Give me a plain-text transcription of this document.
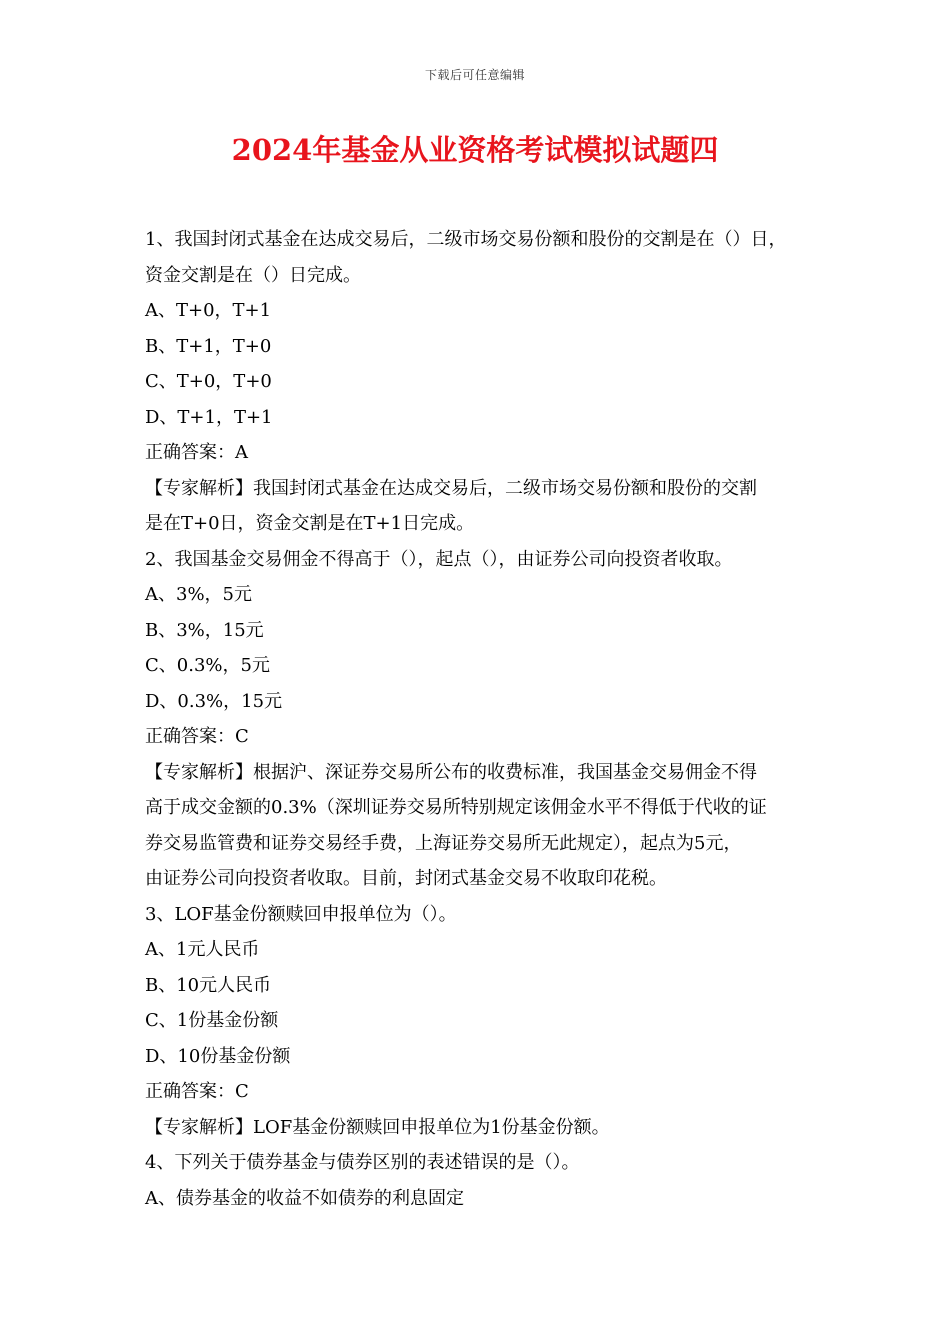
下载后可任意编辑
2024年基金从业资格考试模拟试题四

1、我国封闭式基金在达成交易后，二级市场交易份额和股份的交割是在（）日，

资金交割是在（）日完成。

A、T+0，T+1

B、T+1，T+0

C、T+0，T+0

D、T+1，T+1

正确答案：A

【专家解析】我国封闭式基金在达成交易后，二级市场交易份额和股份的交割

是在T+0日，资金交割是在T+1日完成。

2、我国基金交易佣金不得高于（），起点（），由证券公司向投资者收取。

A、3%，5元

B、3%，15元

C、0.3%，5元

D、0.3%，15元

正确答案：C

【专家解析】根据沪、深证券交易所公布的收费标准，我国基金交易佣金不得

高于成交金额的0.3%（深圳证券交易所特别规定该佣金水平不得低于代收的证

券交易监管费和证券交易经手费，上海证券交易所无此规定），起点为5元，

由证券公司向投资者收取。目前，封闭式基金交易不收取印花税。

3、LOF基金份额赎回申报单位为（）。

A、1元人民币

B、10元人民币

C、1份基金份额

D、10份基金份额

正确答案：C

【专家解析】LOF基金份额赎回申报单位为1份基金份额。

4、下列关于债券基金与债券区别的表述错误的是（）。

A、债券基金的收益不如债券的利息固定
